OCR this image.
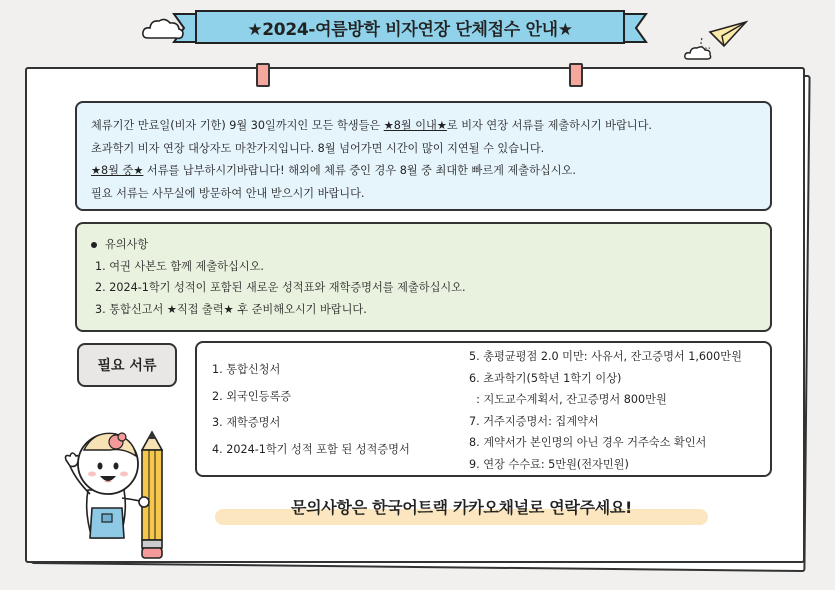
★2024-여름방학 비자연장 단체접수 안내★
체류기간 만료일(비자 기한) 9월 30일까지인 모든 학생들은 ★8월 이내★로 비자 연장 서류를 제출하시기 바랍니다.
초과학기 비자 연장 대상자도 마찬가지입니다. 8월 넘어가면 시간이 많이 지연될 수 있습니다.
★8월 중★ 서류를 납부하시기바랍니다! 해외에 체류 중인 경우 8월 중 최대한 빠르게 제출하십시오.
필요 서류는 사무실에 방문하여 안내 받으시기 바랍니다.
유의사항
1. 여권 사본도 함께 제출하십시오.
2. 2024-1학기 성적이 포함된 새로운 성적표와 재학증명서를 제출하십시오.
3. 통합신고서 ★직접 출력★ 후 준비해오시기 바랍니다.
필요 서류	1. 통합신청서
2. 외국인등록증
3. 재학증명서
4. 2024-1학기 성적 포함 된 성적증명서
5. 총평균평점 2.0 미만: 사유서, 잔고증명서 1,600만원
6. 초과학기(5학년 1학기 이상)
: 지도교수계획서, 잔고증명서 800만원
7. 거주지증명서: 집계약서
8. 계약서가 본인명의 아닌 경우 거주숙소 확인서
9. 연장 수수료: 5만원(전자민원)
문의사항은 한국어트랙 카카오채널로 연락주세요!
